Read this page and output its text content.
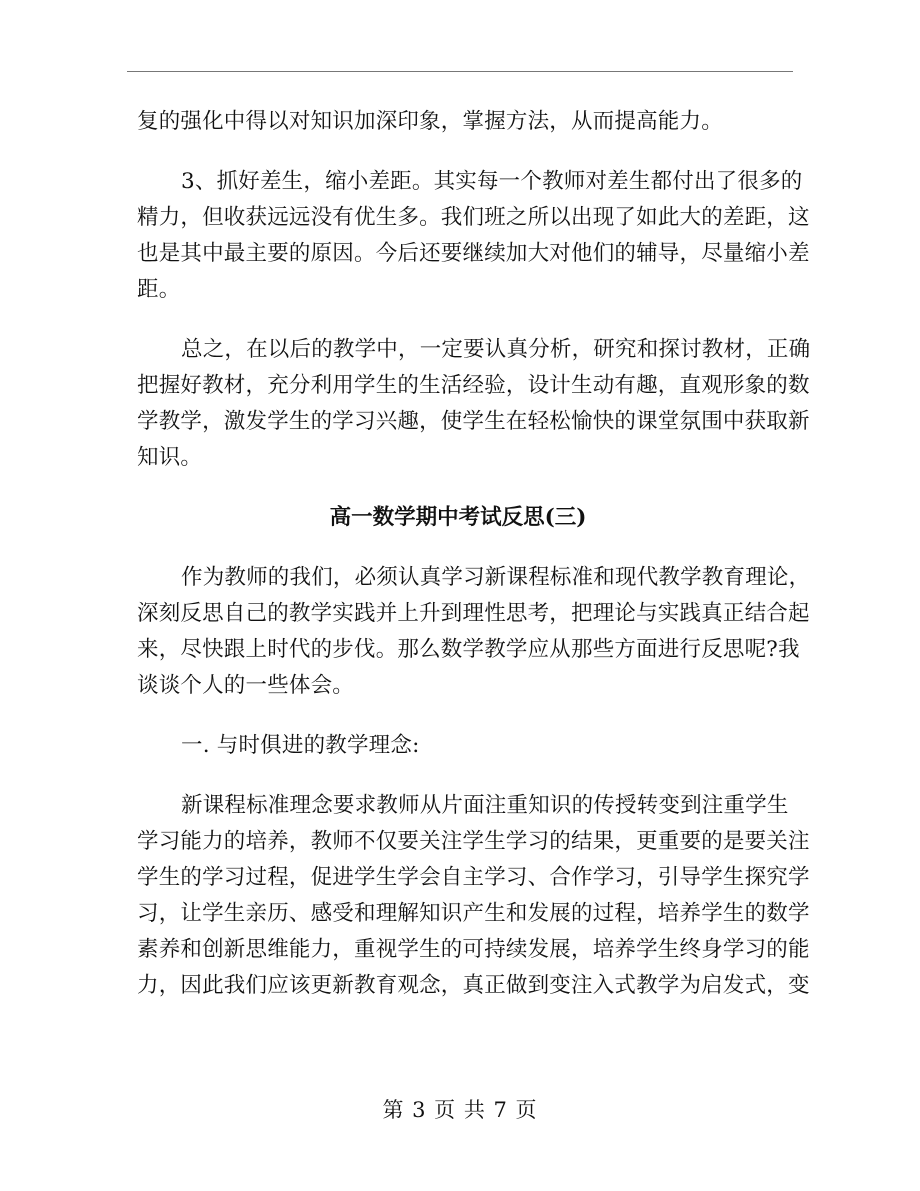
复的强化中得以对知识加深印象，掌握方法，从而提高能力。
3、抓好差生，缩小差距。其实每一个教师对差生都付出了很多的
精力，但收获远远没有优生多。我们班之所以出现了如此大的差距，这
也是其中最主要的原因。今后还要继续加大对他们的辅导，尽量缩小差
距。
总之，在以后的教学中，一定要认真分析，研究和探讨教材，正确
把握好教材，充分利用学生的生活经验，设计生动有趣，直观形象的数
学教学，激发学生的学习兴趣，使学生在轻松愉快的课堂氛围中获取新
知识。
高一数学期中考试反思(三)
作为教师的我们，必须认真学习新课程标准和现代教学教育理论，
深刻反思自己的教学实践并上升到理性思考，把理论与实践真正结合起
来，尽快跟上时代的步伐。那么数学教学应从那些方面进行反思呢?我
谈谈个人的一些体会。
一. 与时俱进的教学理念:
新课程标准理念要求教师从片面注重知识的传授转变到注重学生
学习能力的培养，教师不仅要关注学生学习的结果，更重要的是要关注
学生的学习过程，促进学生学会自主学习、合作学习，引导学生探究学
习，让学生亲历、感受和理解知识产生和发展的过程，培养学生的数学
素养和创新思维能力，重视学生的可持续发展，培养学生终身学习的能
力，因此我们应该更新教育观念，真正做到变注入式教学为启发式，变
第 3 页 共 7 页
